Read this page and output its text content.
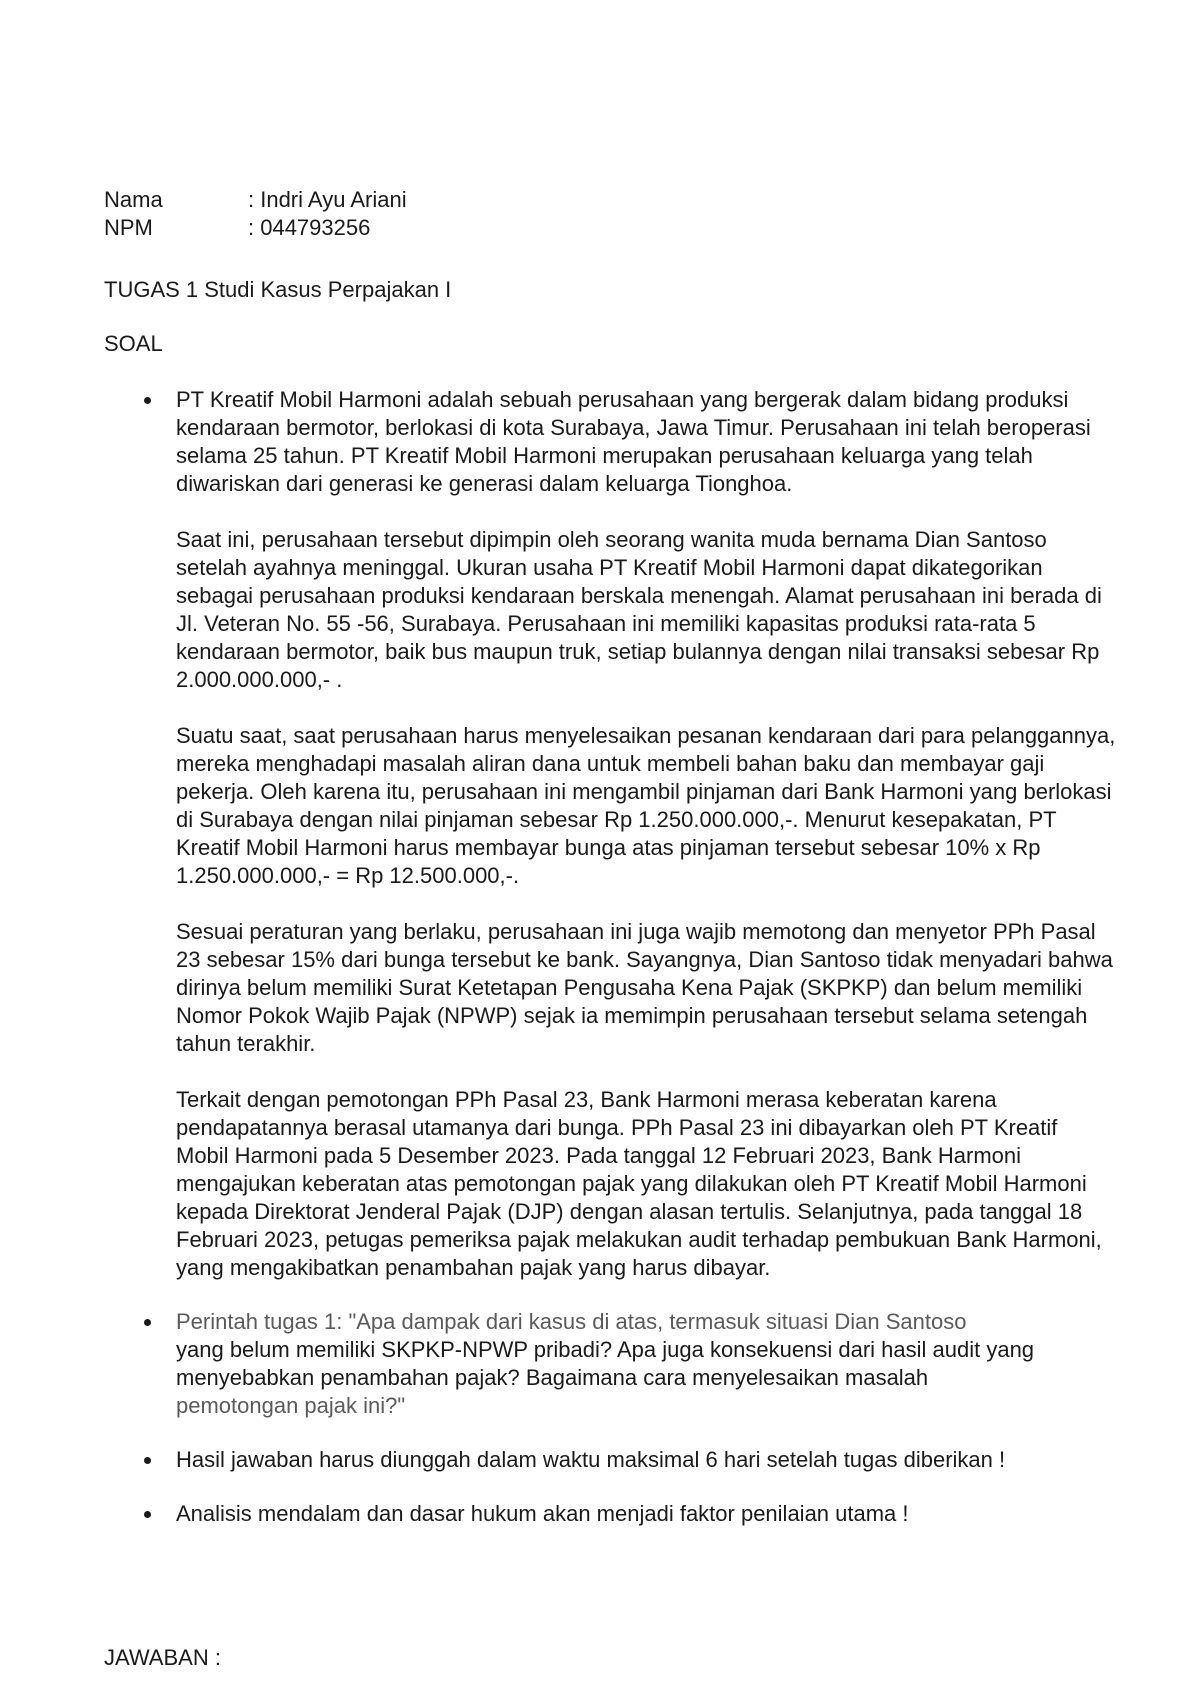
Nama	: Indri Ayu Ariani
NPM	: 044793256
TUGAS 1 Studi Kasus Perpajakan I
SOAL

PT Kreatif Mobil Harmoni adalah sebuah perusahaan yang bergerak dalam bidang produksi kendaraan bermotor, berlokasi di kota Surabaya, Jawa Timur. Perusahaan ini telah beroperasi selama 25 tahun. PT Kreatif Mobil Harmoni merupakan perusahaan keluarga yang telah diwariskan dari generasi ke generasi dalam keluarga Tionghoa.

Saat ini, perusahaan tersebut dipimpin oleh seorang wanita muda bernama Dian Santoso setelah ayahnya meninggal. Ukuran usaha PT Kreatif Mobil Harmoni dapat dikategorikan sebagai perusahaan produksi kendaraan berskala menengah. Alamat perusahaan ini berada di Jl. Veteran No. 55 -56, Surabaya. Perusahaan ini memiliki kapasitas produksi rata-rata 5 kendaraan bermotor, baik bus maupun truk, setiap bulannya dengan nilai transaksi sebesar Rp 2.000.000.000,- .

Suatu saat, saat perusahaan harus menyelesaikan pesanan kendaraan dari para pelanggannya, mereka menghadapi masalah aliran dana untuk membeli bahan baku dan membayar gaji pekerja. Oleh karena itu, perusahaan ini mengambil pinjaman dari Bank Harmoni yang berlokasi di Surabaya dengan nilai pinjaman sebesar Rp 1.250.000.000,-. Menurut kesepakatan, PT Kreatif Mobil Harmoni harus membayar bunga atas pinjaman tersebut sebesar 10% x Rp 1.250.000.000,- = Rp 12.500.000,-.

Sesuai peraturan yang berlaku, perusahaan ini juga wajib memotong dan menyetor PPh Pasal 23 sebesar 15% dari bunga tersebut ke bank. Sayangnya, Dian Santoso tidak menyadari bahwa dirinya belum memiliki Surat Ketetapan Pengusaha Kena Pajak (SKPKP) dan belum memiliki Nomor Pokok Wajib Pajak (NPWP) sejak ia memimpin perusahaan tersebut selama setengah tahun terakhir.

Terkait dengan pemotongan PPh Pasal 23, Bank Harmoni merasa keberatan karena pendapatannya berasal utamanya dari bunga. PPh Pasal 23 ini dibayarkan oleh PT Kreatif Mobil Harmoni pada 5 Desember 2023. Pada tanggal 12 Februari 2023, Bank Harmoni mengajukan keberatan atas pemotongan pajak yang dilakukan oleh PT Kreatif Mobil Harmoni kepada Direktorat Jenderal Pajak (DJP) dengan alasan tertulis. Selanjutnya, pada tanggal 18 Februari 2023, petugas pemeriksa pajak melakukan audit terhadap pembukuan Bank Harmoni, yang mengakibatkan penambahan pajak yang harus dibayar.

Perintah tugas 1: "Apa dampak dari kasus di atas, termasuk situasi Dian Santoso
yang belum memiliki SKPKP-NPWP pribadi? Apa juga konsekuensi dari hasil audit yang menyebabkan penambahan pajak? Bagaimana cara menyelesaikan masalah
pemotongan pajak ini?"
Hasil jawaban harus diunggah dalam waktu maksimal 6 hari setelah tugas diberikan !
Analisis mendalam dan dasar hukum akan menjadi faktor penilaian utama !
JAWABAN :
